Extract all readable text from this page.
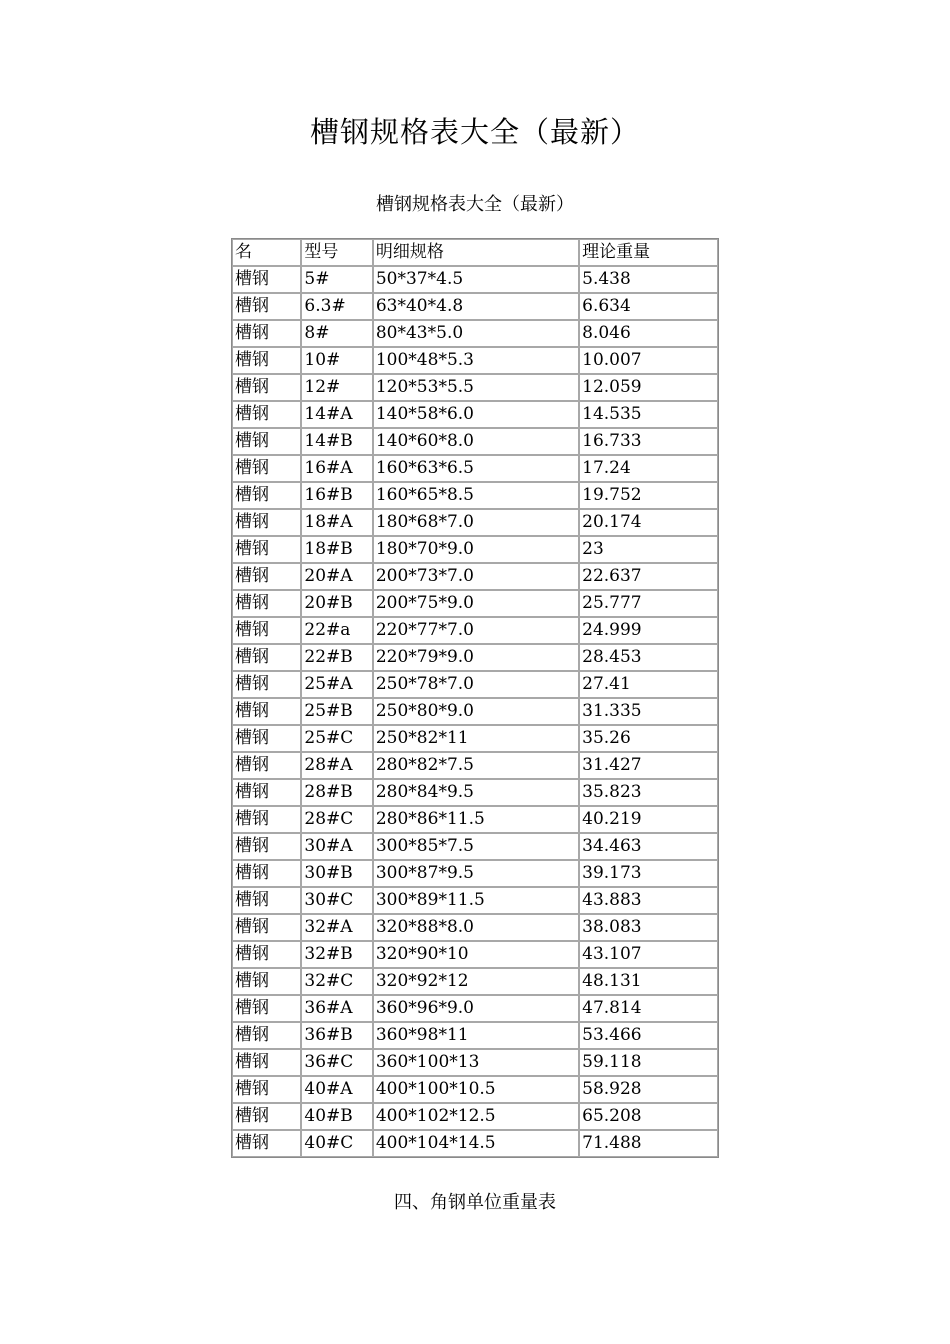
槽钢规格表大全（最新）
槽钢规格表大全（最新）
名	型号	明细规格	理论重量
槽钢	5#	50*37*4.5	5.438
槽钢	6.3#	63*40*4.8	6.634
槽钢	8#	80*43*5.0	8.046
槽钢	10#	100*48*5.3	10.007
槽钢	12#	120*53*5.5	12.059
槽钢	14#A	140*58*6.0	14.535
槽钢	14#B	140*60*8.0	16.733
槽钢	16#A	160*63*6.5	17.24
槽钢	16#B	160*65*8.5	19.752
槽钢	18#A	180*68*7.0	20.174
槽钢	18#B	180*70*9.0	23
槽钢	20#A	200*73*7.0	22.637
槽钢	20#B	200*75*9.0	25.777
槽钢	22#a	220*77*7.0	24.999
槽钢	22#B	220*79*9.0	28.453
槽钢	25#A	250*78*7.0	27.41
槽钢	25#B	250*80*9.0	31.335
槽钢	25#C	250*82*11	35.26
槽钢	28#A	280*82*7.5	31.427
槽钢	28#B	280*84*9.5	35.823
槽钢	28#C	280*86*11.5	40.219
槽钢	30#A	300*85*7.5	34.463
槽钢	30#B	300*87*9.5	39.173
槽钢	30#C	300*89*11.5	43.883
槽钢	32#A	320*88*8.0	38.083
槽钢	32#B	320*90*10	43.107
槽钢	32#C	320*92*12	48.131
槽钢	36#A	360*96*9.0	47.814
槽钢	36#B	360*98*11	53.466
槽钢	36#C	360*100*13	59.118
槽钢	40#A	400*100*10.5	58.928
槽钢	40#B	400*102*12.5	65.208
槽钢	40#C	400*104*14.5	71.488
四、角钢单位重量表
